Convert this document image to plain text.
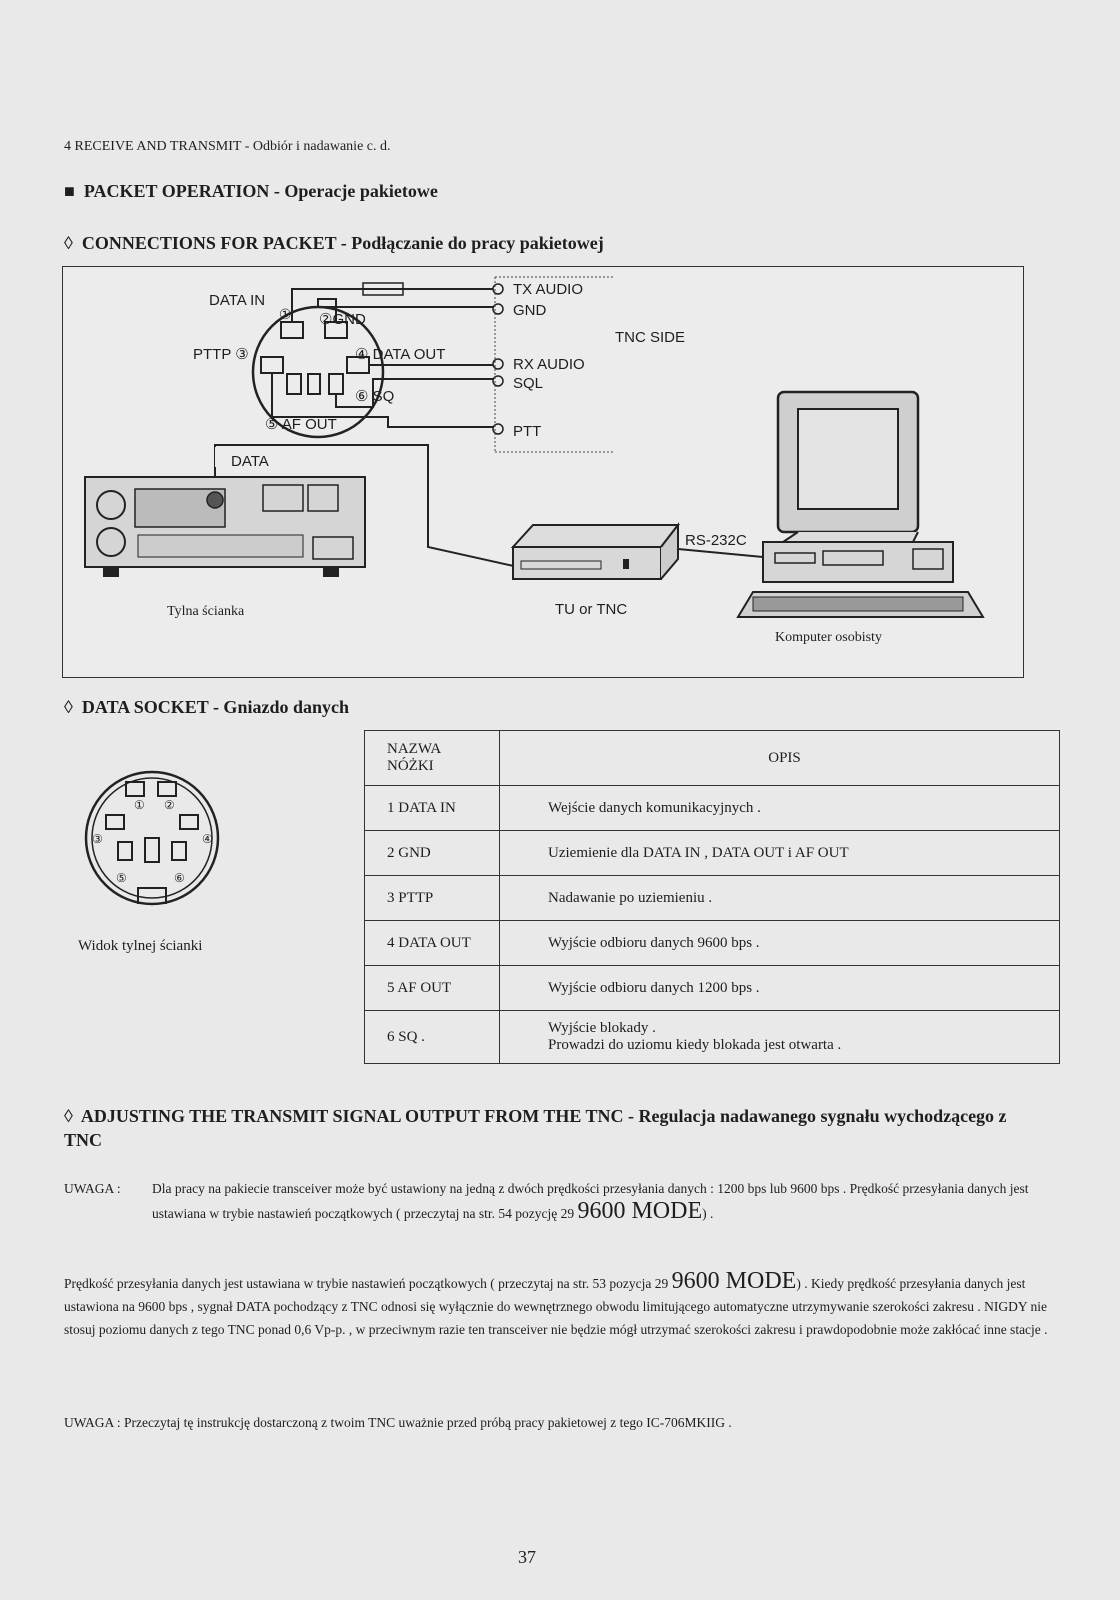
4 RECEIVE AND TRANSMIT - Odbiór i nadawanie c. d.
■ PACKET OPERATION - Operacje pakietowe
◊ CONNECTIONS FOR PACKET - Podłączanie do pracy pakietowej
DATA IN
① ②GND
PTTP ③	④ DATA OUT
⑥ SQ
⑤ AF OUT
TX AUDIO
GND
TNC SIDE
RX AUDIO
SQL
PTT
DATA
RS-232C
Tylna ścianka	TU or TNC
Komputer osobisty
◊ DATA SOCKET - Gniazdo danych
① ②
③	④
⑤	⑥
Widok tylnej ścianki
NAZWA
NÓŻKI	OPIS
1 DATA IN	Wejście danych komunikacyjnych .
2 GND	Uziemienie dla DATA IN , DATA OUT i AF OUT
3 PTTP	Nadawanie po uziemieniu .
4 DATA OUT	Wyjście odbioru danych 9600 bps .
5 AF OUT	Wyjście odbioru danych 1200 bps .
6 SQ .	Wyjście blokady .
Prowadzi do uziomu kiedy blokada jest otwarta .
◊ ADJUSTING THE TRANSMIT SIGNAL OUTPUT FROM THE TNC - Regulacja nadawanego sygnału wychodzącego z TNC
UWAGA :	Dla pracy na pakiecie transceiver może być ustawiony na jedną z dwóch prędkości przesyłania danych : 1200 bps lub 9600 bps . Prędkość przesyłania danych jest ustawiana w trybie nastawień początkowych ( przeczytaj na str. 54 pozycję 29 9600 MODE) .
Prędkość przesyłania danych jest ustawiana w trybie nastawień początkowych ( przeczytaj na str. 53 pozycja 29 9600 MODE) . Kiedy prędkość przesyłania danych jest ustawiona na 9600 bps , sygnał DATA pochodzący z TNC odnosi się wyłącznie do wewnętrznego obwodu limitującego automatyczne utrzymywanie szerokości zakresu . NIGDY nie stosuj poziomu danych z tego TNC ponad 0,6 Vp-p. , w przeciwnym razie ten transceiver nie będzie mógł utrzymać szerokości zakresu i prawdopodobnie może zakłócać inne stacje .
UWAGA : Przeczytaj tę instrukcję dostarczoną z twoim TNC uważnie przed próbą pracy pakietowej z tego IC-706MKIIG .
37
